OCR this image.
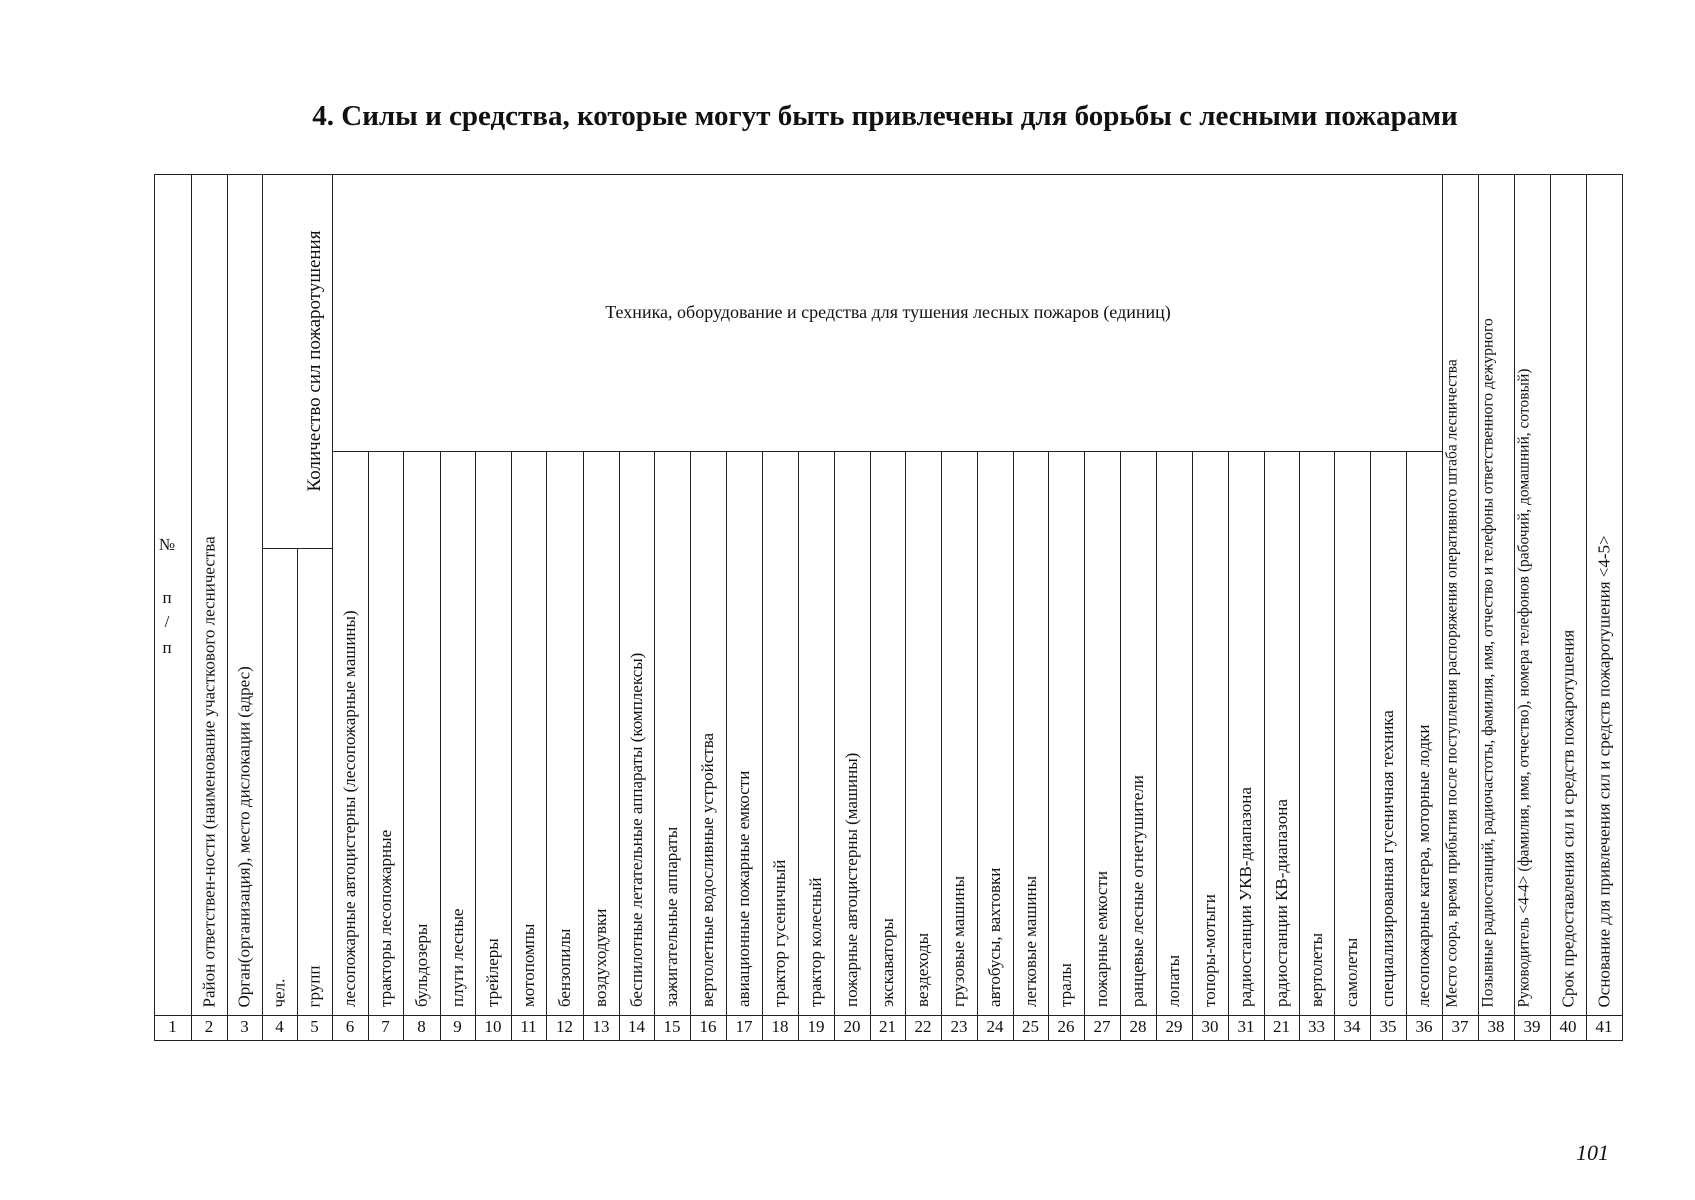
4. Силы и средства, которые могут быть привлечены для борьбы с лесными пожарами
№
п
/
п
Количество сил пожаротушения	Техника, оборудование и средства для тушения лесных пожаров (единиц)
1	2
Район ответствен-ности (наименование участкового лесничества
3
Орган(организация), место дислокации (адрес)
4
чел.
5
групп
6
лесопожарные автоцистерны (лесопожарные машины)
7
тракторы лесопожарные
8
бульдозеры
9
плуги лесные
10
трейлеры
11
мотопомпы
12
бензопилы
13
воздуходувки
14
беспилотные летательные аппараты (комплексы)
15
зажигательные аппараты
16
вертолетные водосливные устройства
17
авиационные пожарные емкости
18
трактор гусеничный
19
трактор колесный
20
пожарные автоцистерны (машины)
21
экскаваторы
22
вездеходы
23
грузовые машины
24
автобусы, вахтовки
25
легковые машины
26
тралы
27
пожарные емкости
28
ранцевые лесные огнетушители
29
лопаты
30
топоры-мотыги
31
радиостанции УКВ-диапазона
21
радиостанции КВ-диапазона
33
вертолеты
34
самолеты
35
специализированная гусеничная техника
36
лесопожарные катера, моторные лодки
37
Место соора, время прибытия после поступления распоряжения оперативного штаба лесничества
38
Позывные радиостанций, радиочастоты, фамилия, имя, отчество и телефоны ответственного дежурного
39
Руководитель <4-4> (фамилия, имя, отчество), номера телефонов (рабочий, домашний, сотовый)
40
Срок предоставления сил и средств пожаротушения
41
Основание для привлечения сил и средств пожаротушения <4-5>
101
